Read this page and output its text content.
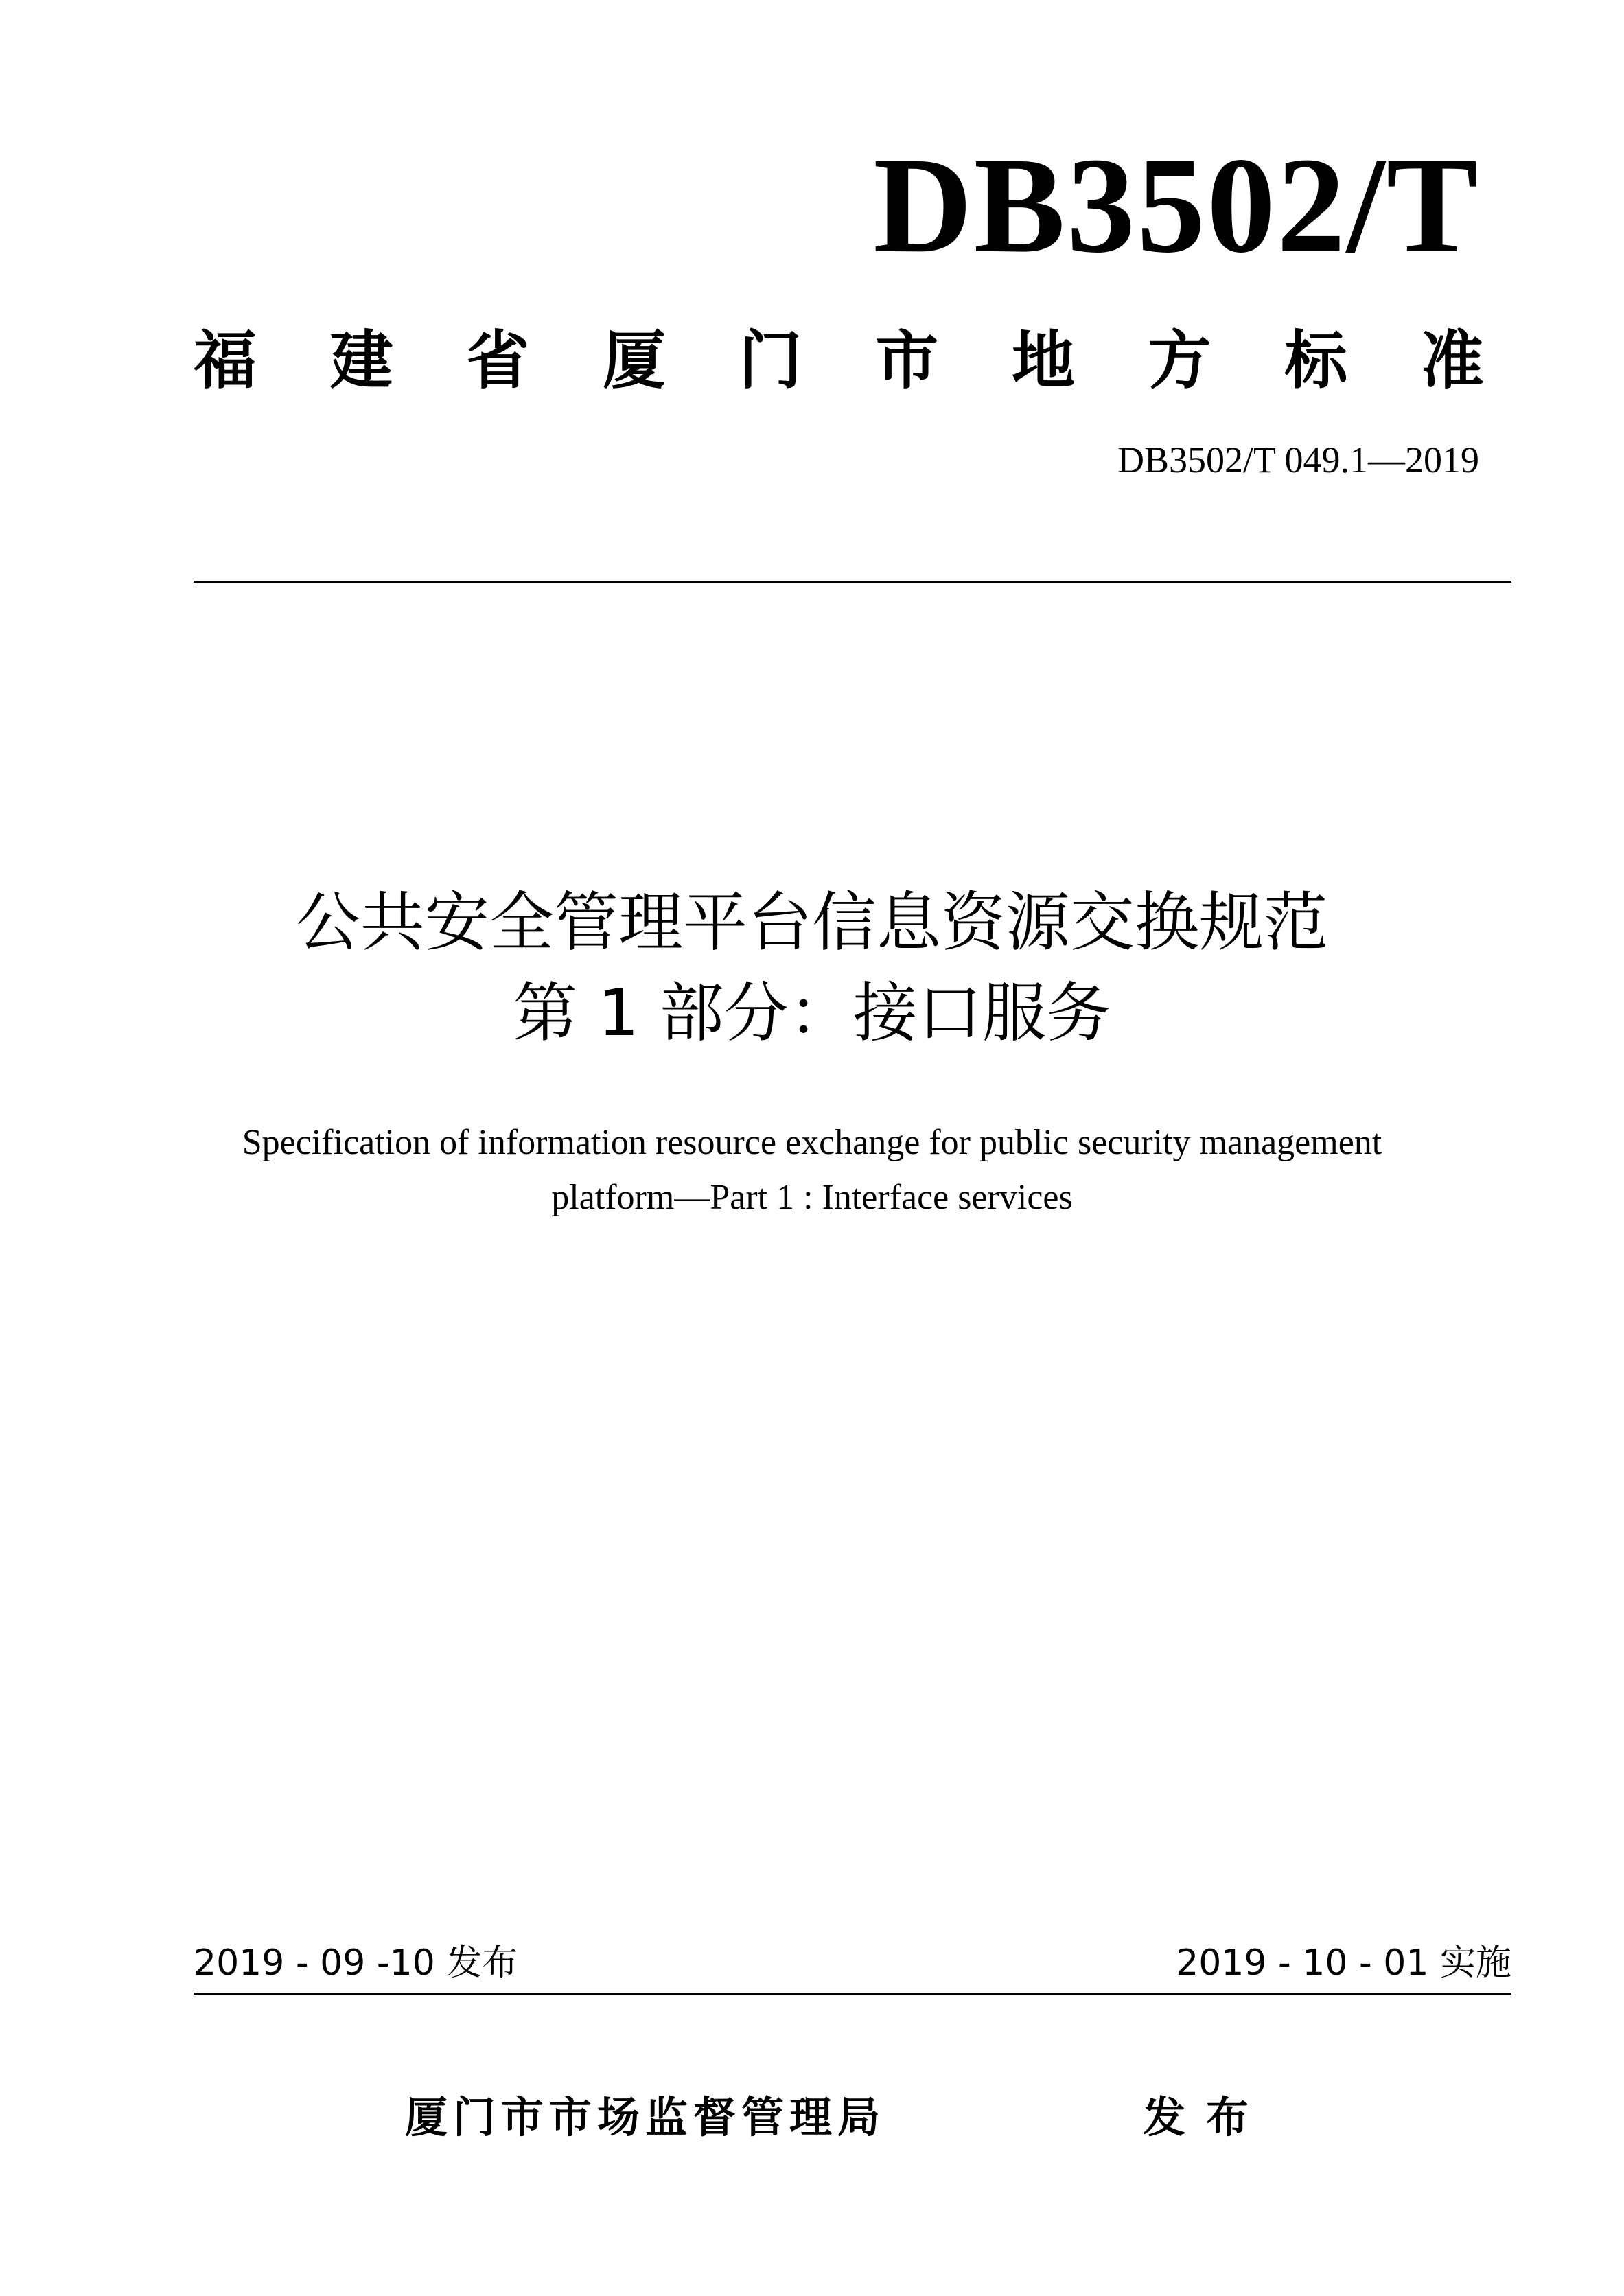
DB3502/T
福 建 省 厦 门 市 地 方 标 准
DB3502/T 049.1—2019
公共安全管理平台信息资源交换规范
第 1 部分：接口服务
Specification of information resource exchange for public security management
platform—Part 1 : Interface services
2019 - 09 -10 发布	2019 - 10 - 01 实施
厦门市市场监督管理局	发布
